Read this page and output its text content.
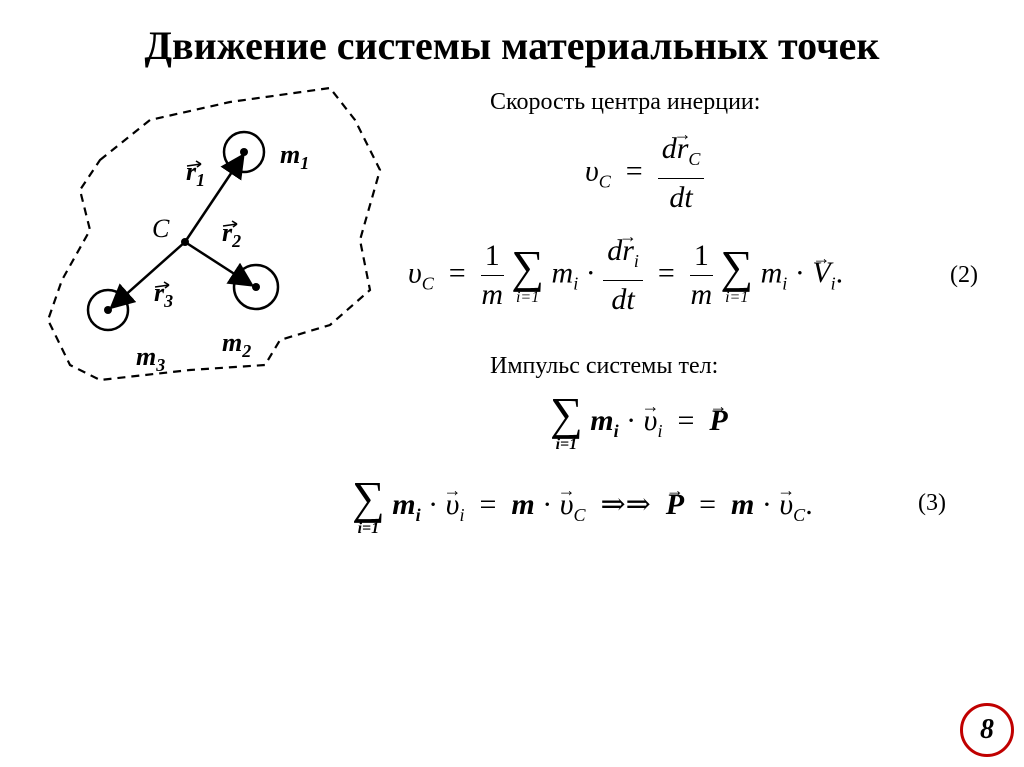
Движение системы материальных точек
$r_1$
$r_2$
$r_3$
C
$m_1$
$m_2$
$m_3$
Скорость центра инерции:
Импульс системы тел:
$\upsilon_C = \frac{d\to r_C}{dt}$
$\upsilon_C = \frac{1}{m}$
∑
i=1
$m_i \cdot \frac{d\to r_i}{dt} = \frac{1}{m}$
∑
i=1
$m_i$ · → $V_i$.	(2)
∑
i=1
$m_i$ · → $\upsilon_i$  =  → P
∑
i=1
$m_i$ · → $\upsilon_i = m$ · → $\upsilon_C$  ⇒⇒  → P  =  m · → $\upsilon_C$.	(3)
8
